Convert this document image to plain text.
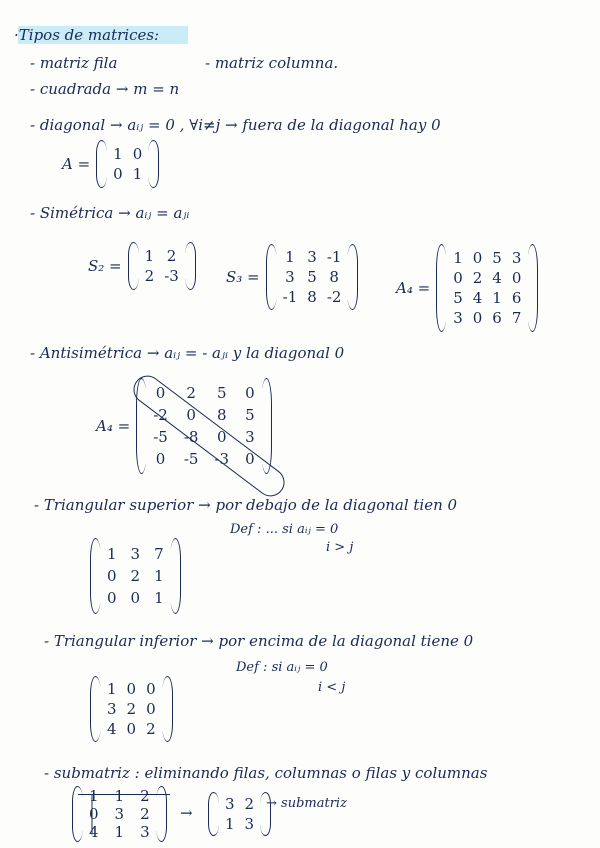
·Tipos de matrices:
- matriz fila	- matriz columna.
- cuadrada → m = n
- diagonal → aᵢⱼ = 0 , ∀i≠j → fuera de la diagonal hay 0
A =
1 0
0 1
- Simétrica → aᵢⱼ = aⱼᵢ
S₂ =
1 2
2 -3	S₃ =
1 3 -1
3 5 8
-1 8 -2	A₄ =
1 0 5 3
0 2 4 0
5 4 1 6
3 0 6 7
- Antisimétrica → aᵢⱼ = - aⱼᵢ y la diagonal 0
A₄ =
0 2 5 0
-2 0 8 5
-5 -8 0 3
0 -5 -3 0
- Triangular superior → por debajo de la diagonal tien 0
Def : ... si aᵢⱼ = 0
i > j
1 3 7
0 2 1
0 0 1
- Triangular inferior → por encima de la diagonal tiene 0
Def : si aᵢⱼ = 0
i < j
1 0 0
3 2 0
4 0 2
- submatriz : eliminando filas, columnas o filas y columnas
1 1 2
0 3 2
4 1 3
→ 3 2
1 3
→ submatriz
